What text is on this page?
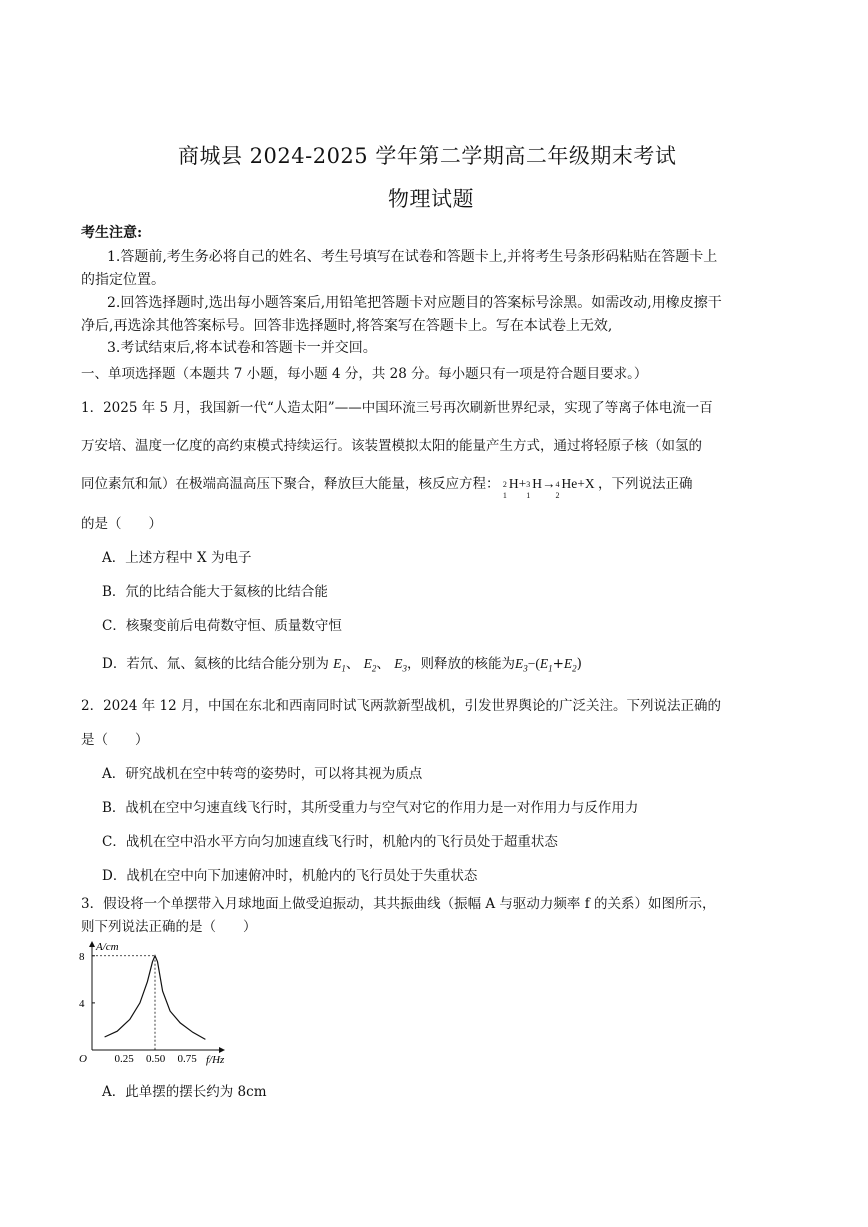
商城县 2024-2025 学年第二学期高二年级期末考试
物理试题
考生注意:
1.答题前,考生务必将自己的姓名、考生号填写在试卷和答题卡上,并将考生号条形码粘贴在答题卡上
的指定位置。
2.回答选择题时,选出每小题答案后,用铅笔把答题卡对应题目的答案标号涂黑。如需改动,用橡皮擦干
净后,再选涂其他答案标号。回答非选择题时,将答案写在答题卡上。写在本试卷上无效,
3.考试结束后,将本试卷和答题卡一并交回。
一、单项选择题（本题共 7 小题，每小题 4 分，共 28 分。每小题只有一项是符合题目要求。）
1．2025 年 5 月，我国新一代“人造太阳”——中国环流三号再次刷新世界纪录，实现了等离子体电流一百
万安培、温度一亿度的高约束模式持续运行。该装置模拟太阳的能量产生方式，通过将轻原子核（如氢的
同位素氘和氚）在极端高温高压下聚合，释放巨大能量，核反应方程： 2
1
H+ 3
1
H→ 4
2
He+X ，下列说法正确
的是（　　）
A．上述方程中 X 为电子
B．氘的比结合能大于氦核的比结合能
C．核聚变前后电荷数守恒、质量数守恒
D．若氘、氚、氦核的比结合能分别为 $E_1$、 $E_2$、 $E_3$，则释放的核能为$E_3-(E_1+E_2)$
2．2024 年 12 月，中国在东北和西南同时试飞两款新型战机，引发世界舆论的广泛关注。下列说法正确的
是（　　）
A．研究战机在空中转弯的姿势时，可以将其视为质点
B．战机在空中匀速直线飞行时，其所受重力与空气对它的作用力是一对作用力与反作用力
C．战机在空中沿水平方向匀加速直线飞行时，机舱内的飞行员处于超重状态
D．战机在空中向下加速俯冲时，机舱内的飞行员处于失重状态
3．假设将一个单摆带入月球地面上做受迫振动，其共振曲线（振幅 A 与驱动力频率 f 的关系）如图所示，
则下列说法正确的是（　　）
A/cm
f/Hz
O	0.25 0.50 0.75
4
8
A．此单摆的摆长约为 8cm
